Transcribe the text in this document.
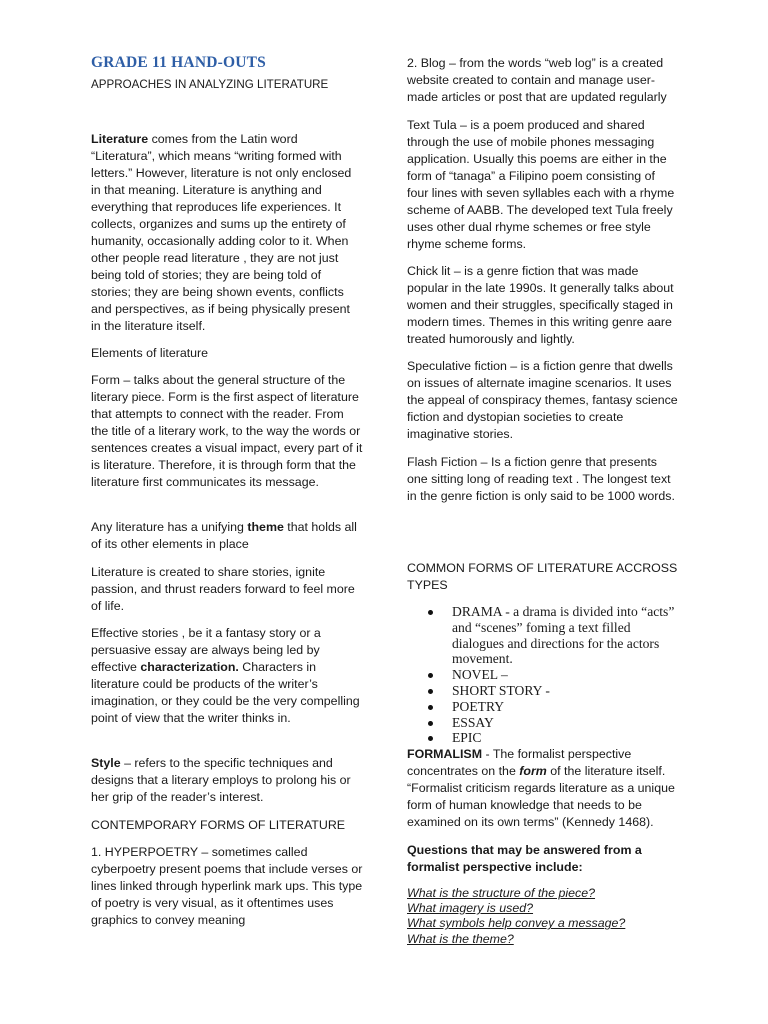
GRADE 11 HAND-OUTS

APPROACHES IN ANALYZING LITERATURE

Literature comes from the Latin word “Literatura”, which means “writing formed with letters.” However, literature is not only enclosed in that meaning. Literature is anything and everything that reproduces life experiences. It collects, organizes and sums up the entirety of humanity, occasionally adding color to it. When other people read literature , they are not just being told of stories; they are being told of stories; they are being shown events, conflicts and perspectives, as if being physically present in the literature itself.

Elements of literature

Form – talks about the general structure of the literary piece. Form is the first aspect of literature that attempts to connect with the reader. From the title of a literary work, to the way the words or sentences creates a visual impact, every part of it is literature. Therefore, it is through form that the literature first communicates its message.

Any literature has a unifying theme that holds all of its other elements in place

Literature is created to share stories, ignite passion, and thrust readers forward to feel more of life.

Effective stories , be it a fantasy story or a persuasive essay are always being led by effective characterization. Characters in literature could be products of the writer’s imagination, or they could be the very compelling point of view that the writer thinks in.

Style – refers to the specific techniques and designs that a literary employs to prolong his or her grip of the reader’s interest.

CONTEMPORARY FORMS OF LITERATURE

1. HYPERPOETRY – sometimes called cyberpoetry present poems that include verses or lines linked through hyperlink mark ups. This type of poetry is very visual, as it oftentimes uses graphics to convey meaning

2. Blog – from the words “web log” is a created website created to contain and manage user-made articles or post that are updated regularly

Text Tula – is a poem produced and shared through the use of mobile phones messaging application. Usually this poems are either in the form of “tanaga” a Filipino poem consisting of four lines with seven syllables each with a rhyme scheme of AABB. The developed text Tula freely uses other dual rhyme schemes or free style rhyme scheme forms.

Chick lit – is a genre fiction that was made popular in the late 1990s. It generally talks about women and their struggles, specifically staged in modern times. Themes in this writing genre aare treated humorously and lightly.

Speculative fiction – is a fiction genre that dwells on issues of alternate imagine scenarios. It uses the appeal of conspiracy themes, fantasy science fiction and dystopian societies to create imaginative stories.

Flash Fiction – Is a fiction genre that presents one sitting long of reading text . The longest text in the genre fiction is only said to be 1000 words.

COMMON FORMS OF LITERATURE ACCROSS TYPES

DRAMA - a drama is divided into “acts” and “scenes” foming a text filled dialogues and directions for the actors movement.
NOVEL –
SHORT STORY -
POETRY
ESSAY
EPIC

FORMALISM - The formalist perspective concentrates on the form of the literature itself. “Formalist criticism regards literature as a unique form of human knowledge that needs to be examined on its own terms” (Kennedy 1468).

Questions that may be answered from a formalist perspective include:

What is the structure of the piece?
What imagery is used?
What symbols help convey a message?
What is the theme?
